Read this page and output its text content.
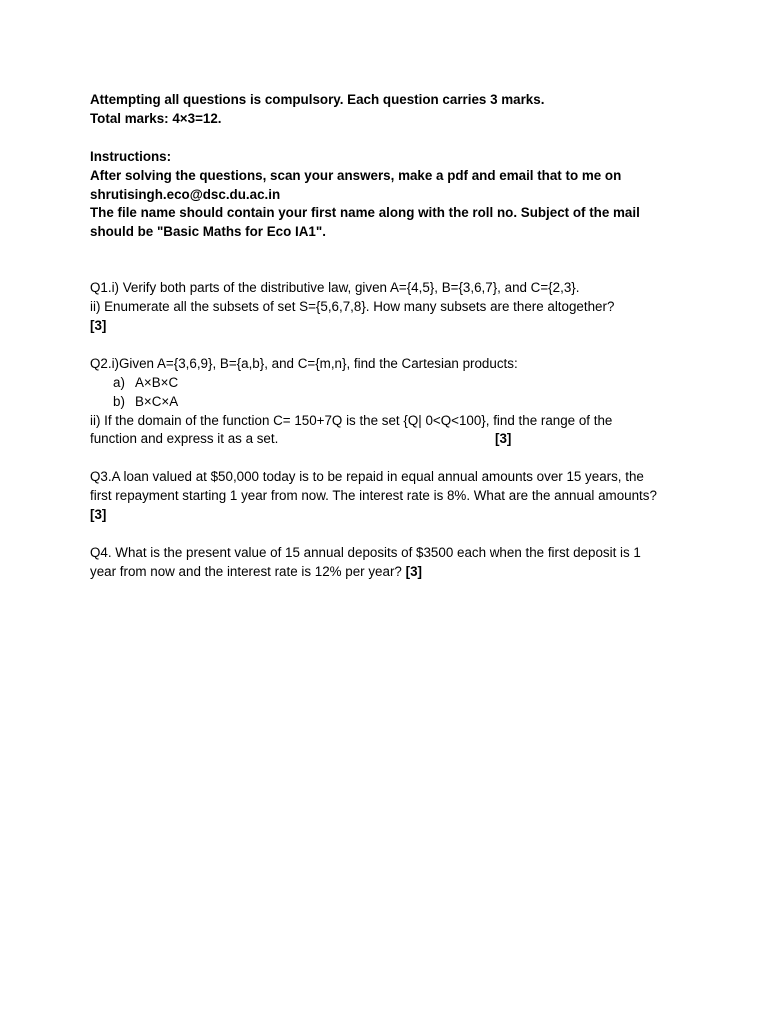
Attempting all questions is compulsory. Each question carries 3 marks.
Total marks: 4×3=12.
Instructions:
After solving the questions, scan your answers, make a pdf and email that to me on
shrutisingh.eco@dsc.du.ac.in
The file name should contain your first name along with the roll no. Subject of the mail
should be "Basic Maths for Eco IA1".
Q1.i) Verify both parts of the distributive law, given A={4,5}, B={3,6,7}, and C={2,3}.
ii) Enumerate all the subsets of set S={5,6,7,8}. How many subsets are there altogether?
[3]
Q2.i)Given A={3,6,9}, B={a,b}, and C={m,n}, find the Cartesian products:
a) A×B×C
b) B×C×A
ii) If the domain of the function C= 150+7Q is the set {Q| 0<Q<100}, find the range of the
function and express it as a set.	[3]
Q3.A loan valued at $50,000 today is to be repaid in equal annual amounts over 15 years, the
first repayment starting 1 year from now. The interest rate is 8%. What are the annual amounts?
[3]
Q4. What is the present value of 15 annual deposits of $3500 each when the first deposit is 1
year from now and the interest rate is 12% per year? [3]
